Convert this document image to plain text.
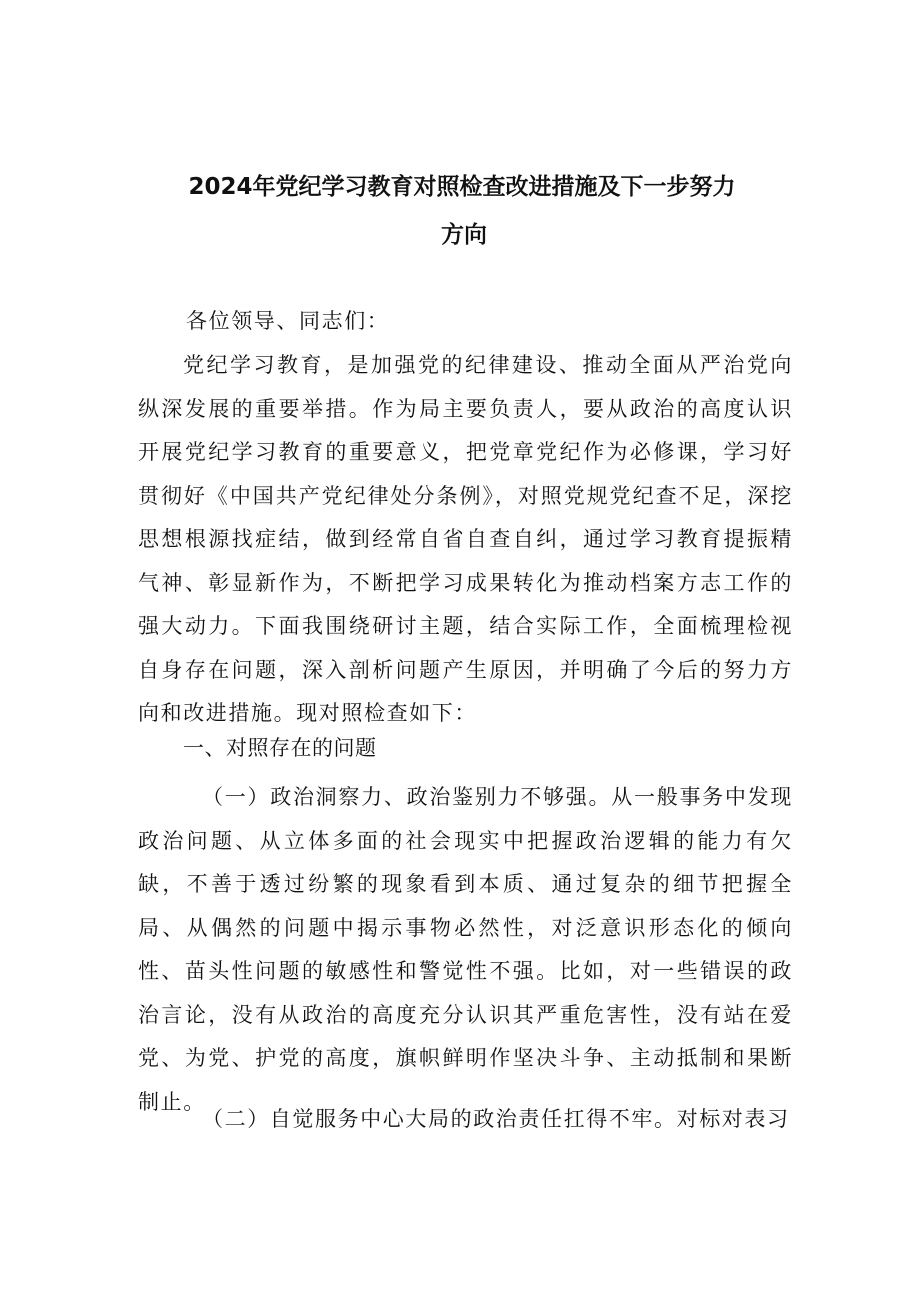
2024年党纪学习教育对照检查改进措施及下一步努力
方向

各位领导、同志们：

党纪学习教育，是加强党的纪律建设、推动全面从严治党向纵深发展的重要举措。作为局主要负责人，要从政治的高度认识开展党纪学习教育的重要意义，把党章党纪作为必修课，学习好贯彻好《中国共产党纪律处分条例》，对照党规党纪查不足，深挖思想根源找症结，做到经常自省自查自纠，通过学习教育提振精气神、彰显新作为，不断把学习成果转化为推动档案方志工作的强大动力。下面我围绕研讨主题，结合实际工作，全面梳理检视自身存在问题，深入剖析问题产生原因，并明确了今后的努力方向和改进措施。现对照检查如下：

一、对照存在的问题

（一）政治洞察力、政治鉴别力不够强。从一般事务中发现政治问题、从立体多面的社会现实中把握政治逻辑的能力有欠缺，不善于透过纷繁的现象看到本质、通过复杂的细节把握全局、从偶然的问题中揭示事物必然性，对泛意识形态化的倾向性、苗头性问题的敏感性和警觉性不强。比如，对一些错误的政治言论，没有从政治的高度充分认识其严重危害性，没有站在爱党、为党、护党的高度，旗帜鲜明作坚决斗争、主动抵制和果断制止。

（二）自觉服务中心大局的政治责任扛得不牢。对标对表习
